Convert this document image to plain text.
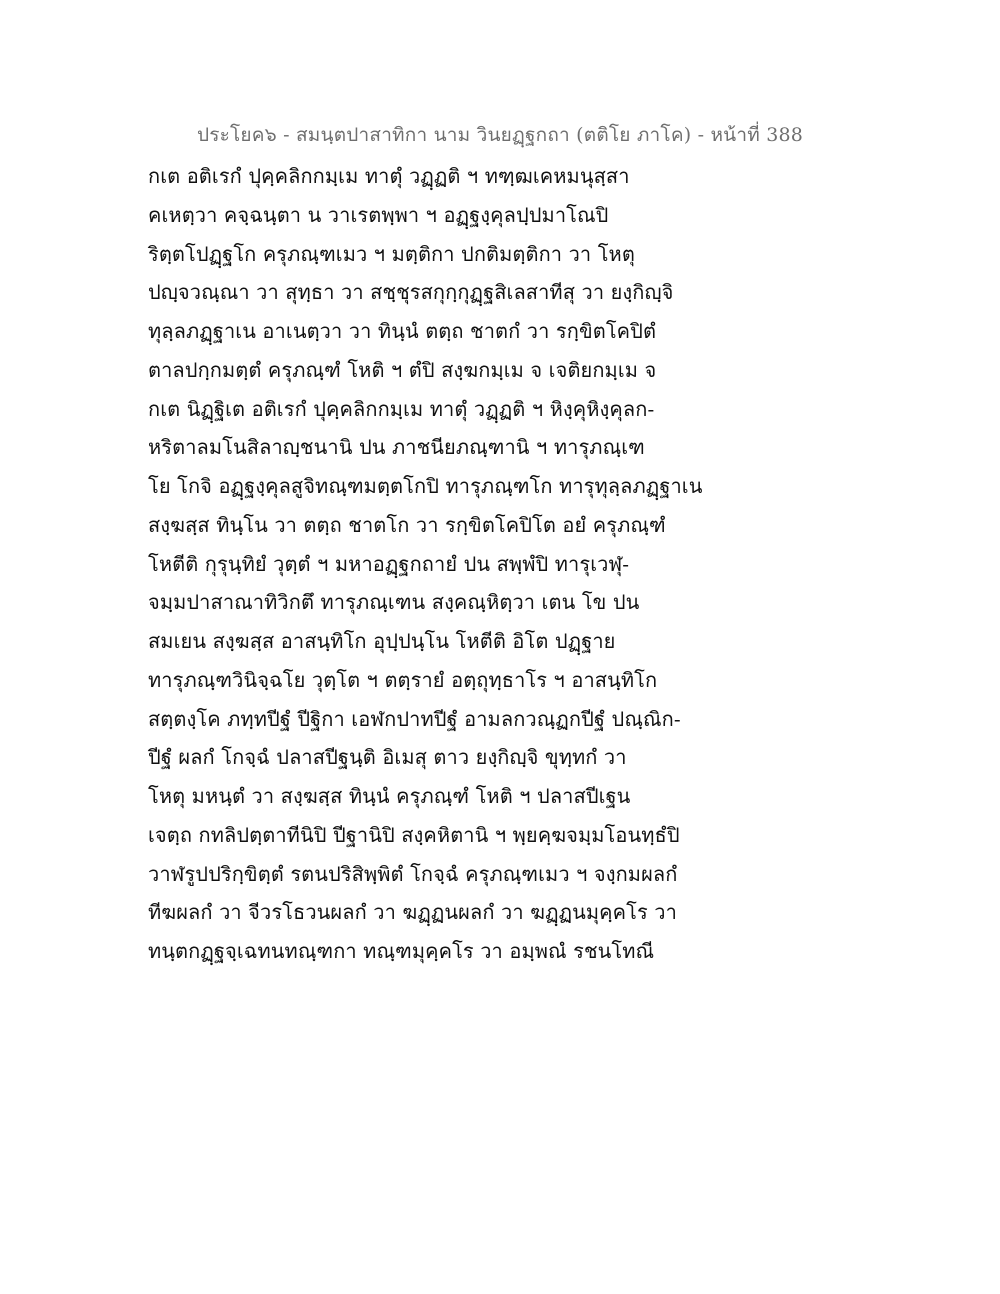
ประโยค๖ - สมนฺตปาสาทิกา นาม วินยฏฺฐกถา (ตติโย ภาโค) - หน้าที่ 388
กเต อติเรกํ ปุคฺคลิกกมฺเม ทาตุํ วฏฺฏติ ฯ ทฑฺฒเคหมนุสฺสา
คเหตฺวา คจฺฉนฺตา น วาเรตพฺพา ฯ อฏฺฐงฺคุลปฺปมาโณปิ
ริตฺตโปฏฺฐโก ครุภณฺฑเมว ฯ มตฺติกา ปกติมตฺติกา วา โหตุ
ปญฺจวณฺณา วา สุทฺธา วา สชฺชุรสกุกฺกุฏฺฐสิเลสาทีสุ วา ยงฺกิญฺจิ
ทุลฺลภฏฺฐาเน อาเนตฺวา วา ทินฺนํ ตตฺถ ชาตกํ วา รกฺขิตโคปิตํ
ตาลปกฺกมตฺตํ ครุภณฺฑํ โหติ ฯ ตํปิ สงฺฆกมฺเม จ เจติยกมฺเม จ
กเต นิฏฺฐิเต อติเรกํ ปุคฺคลิกกมฺเม ทาตุํ วฏฺฏติ ฯ หิงฺคุหิงฺคุลก-
หริตาลมโนสิลาญฺชนานิ ปน ภาชนียภณฺฑานิ ฯ ทารุภณฺเฑ
โย โกจิ อฏฺฐงฺคุลสูจิทณฺฑมตฺตโกปิ ทารุภณฺฑโก ทารุทุลฺลภฏฺฐาเน
สงฺฆสฺส ทินฺโน วา ตตฺถ ชาตโก วา รกฺขิตโคปิโต อยํ ครุภณฺฑํ
โหตีติ กุรุนฺทิยํ วุตฺตํ ฯ มหาอฏฺฐกถายํ ปน สพฺพํปิ ทารุเวฬุ-
จมฺมปาสาณาทิวิกตึ ทารุภณฺเฑน สงฺคณฺหิตฺวา เตน โข ปน
สมเยน สงฺฆสฺส อาสนฺทิโก อุปฺปนฺโน โหตีติ อิโต ปฏฺฐาย
ทารุภณฺฑวินิจฺฉโย วุตฺโต ฯ ตตฺรายํ อตฺถุทฺธาโร ฯ อาสนฺทิโก
สตฺตงฺโค ภทฺทปีฐํ ปีฐิกา เอฬกปาทปีฐํ อามลกวณฺฏกปีฐํ ปณฺณิก-
ปีฐํ ผลกํ โกจฺฉํ ปลาสปีฐนฺติ อิเมสุ ตาว ยงฺกิญฺจิ ขุทฺทกํ วา
โหตุ มหนฺตํ วา สงฺฆสฺส ทินฺนํ ครุภณฺฑํ โหติ ฯ ปลาสปีเฐน
เจตฺถ กทลิปตฺตาทีนิปิ ปีฐานิปิ สงฺคหิตานิ ฯ พฺยคฺฆจมฺมโอนทฺธํปิ
วาฬรูปปริกฺขิตฺตํ รตนปริสิพฺพิตํ โกจฺฉํ ครุภณฺฑเมว ฯ จงฺกมผลกํ
ทีฆผลกํ วา จีวรโธวนผลกํ วา ฆฏฺฏนผลกํ วา ฆฏฺฏนมุคฺคโร วา
ทนฺตกฏฺฐจฺเฉทนทณฺฑกา ทณฺฑมุคฺคโร วา อมฺพณํ รชนโทณี
